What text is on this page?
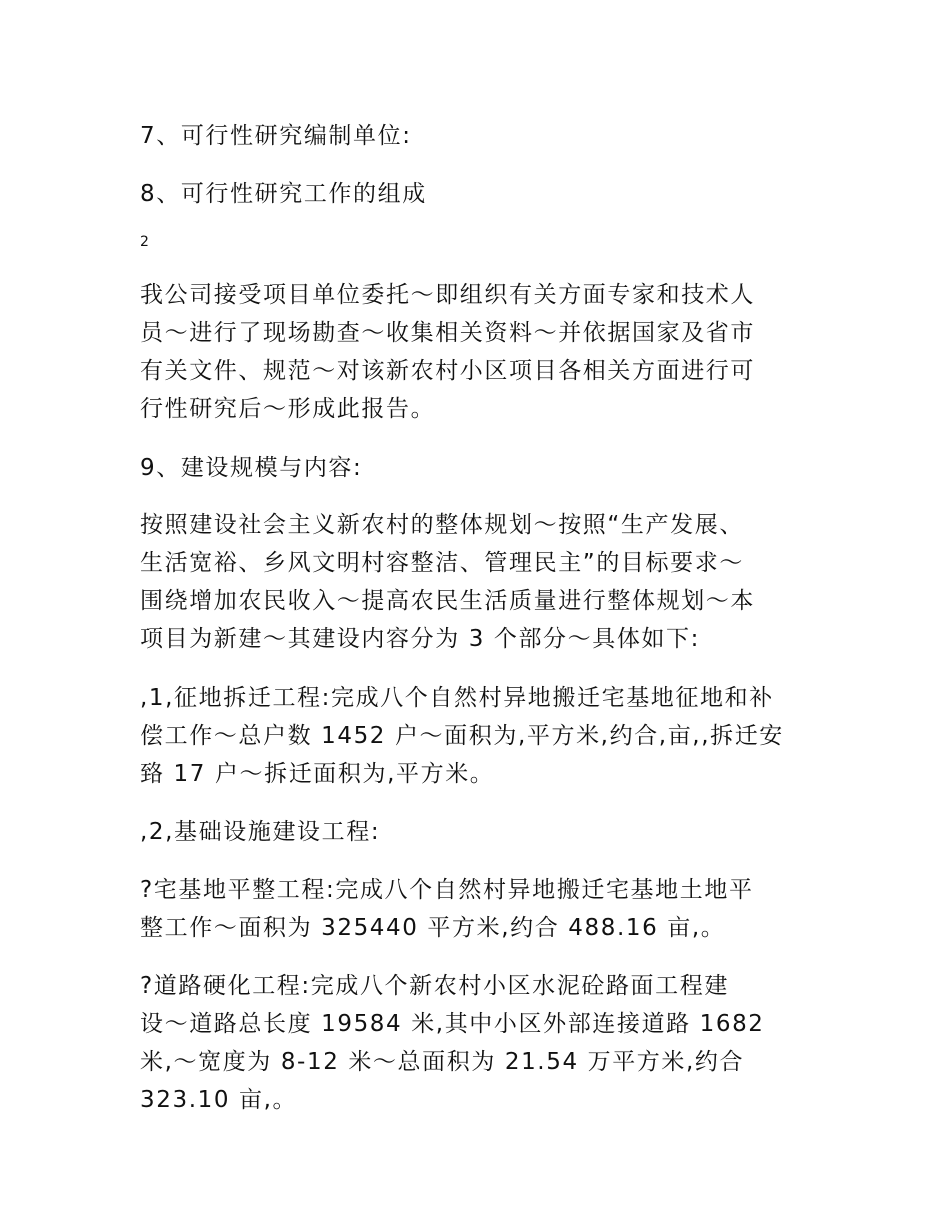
7、可行性研究编制单位:
8、可行性研究工作的组成
2
我公司接受项目单位委托～即组织有关方面专家和技术人
员～进行了现场勘查～收集相关资料～并依据国家及省市
有关文件、规范～对该新农村小区项目各相关方面进行可
行性研究后～形成此报告。
9、建设规模与内容:
按照建设社会主义新农村的整体规划～按照“生产发展、
生活宽裕、乡风文明村容整洁、管理民主”的目标要求～
围绕增加农民收入～提高农民生活质量进行整体规划～本
项目为新建～其建设内容分为 3 个部分～具体如下:
,1,征地拆迁工程:完成八个自然村异地搬迁宅基地征地和补
偿工作～总户数 1452 户～面积为,平方米,约合,亩,,拆迁安
臵 17 户～拆迁面积为,平方米。
,2,基础设施建设工程:
?宅基地平整工程:完成八个自然村异地搬迁宅基地土地平
整工作～面积为 325440 平方米,约合 488.16 亩,。
?道路硬化工程:完成八个新农村小区水泥砼路面工程建
设～道路总长度 19584 米,其中小区外部连接道路 1682
米,～宽度为 8-12 米～总面积为 21.54 万平方米,约合
323.10 亩,。
